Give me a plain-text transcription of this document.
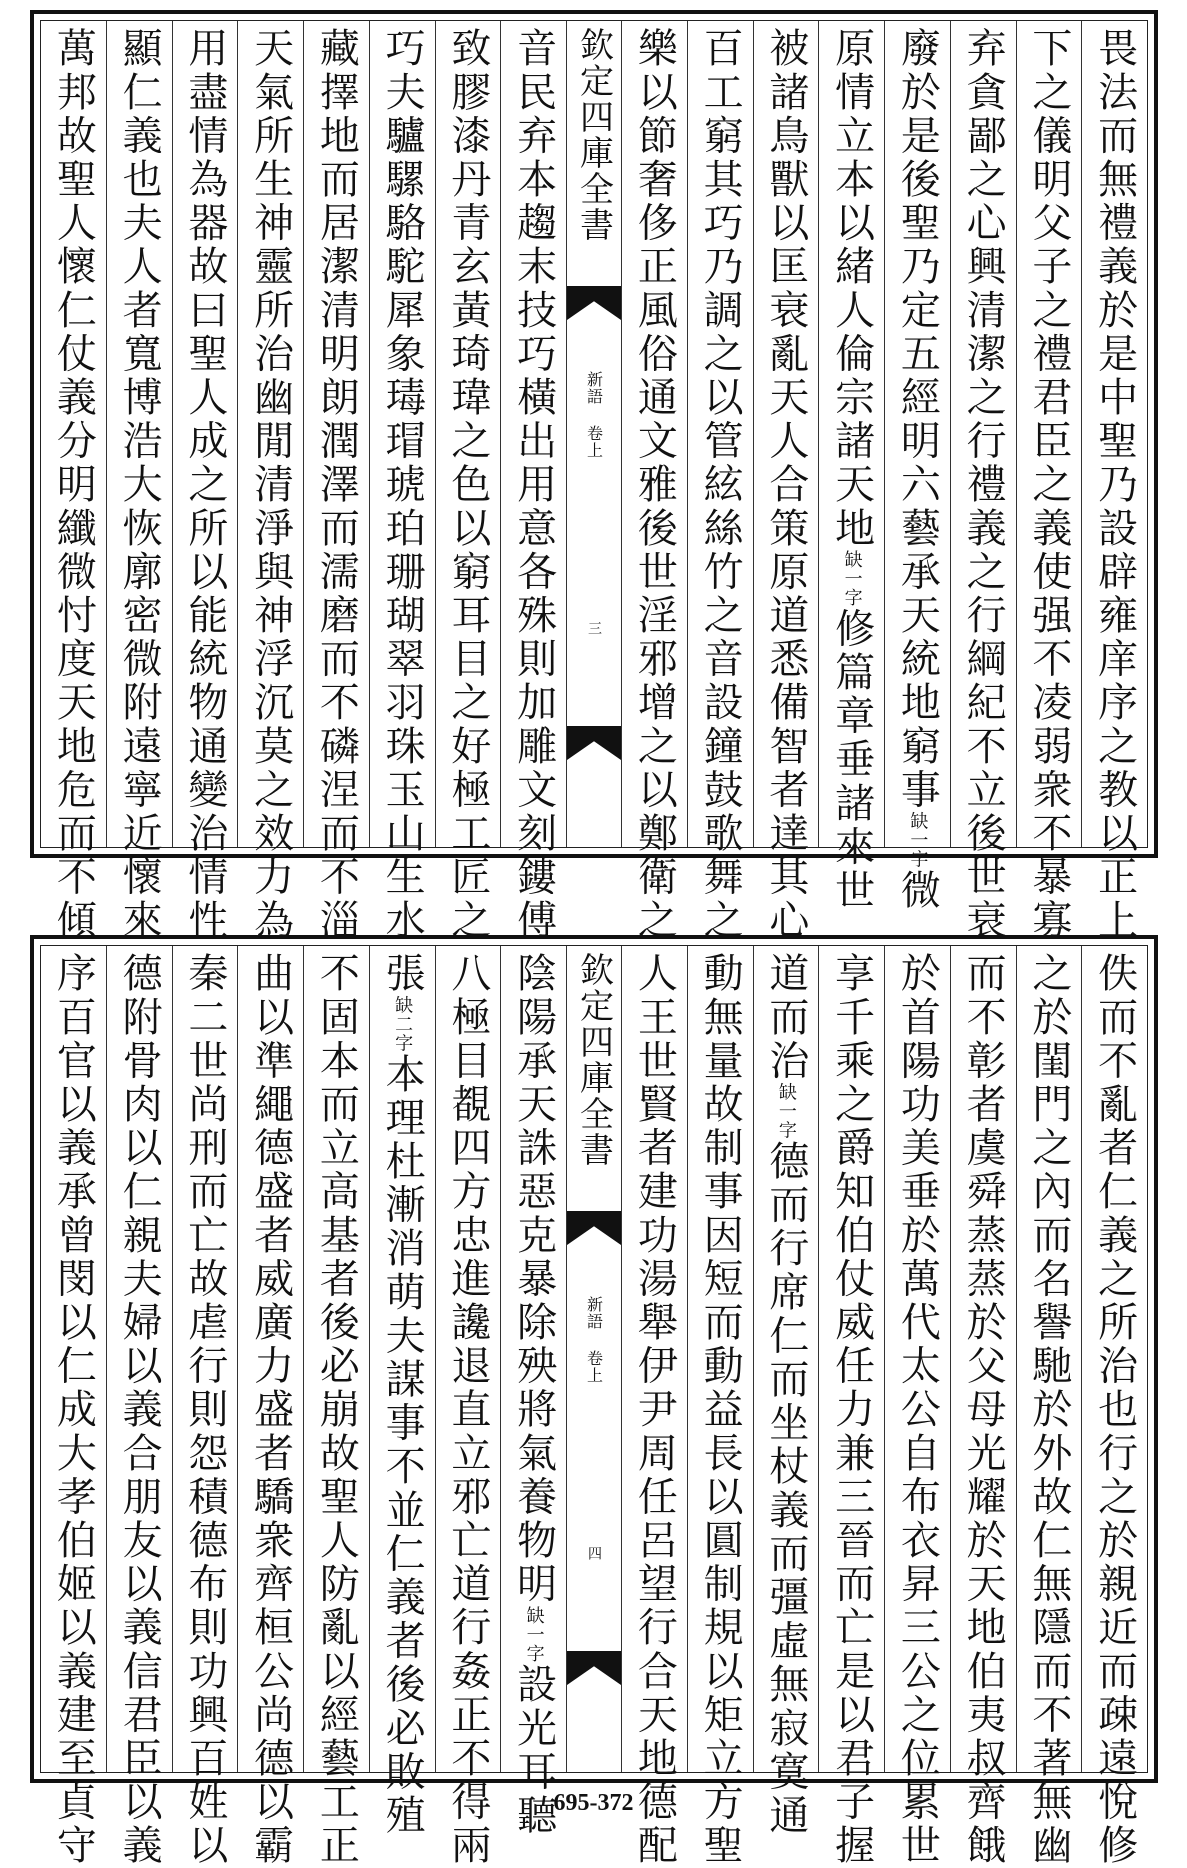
畏法而無禮義於是中聖乃設辟雍庠序之教以正上
下之儀明父子之禮君臣之義使强不凌弱衆不暴寡
弃貪鄙之心興清潔之行禮義之行綱紀不立後世衰
廢於是後聖乃定五經明六藝承天統地窮事缺一字微
原情立本以緒人倫宗諸天地缺一字修篇章垂諸來世
被諸鳥獸以匡衰亂天人合策原道悉備智者達其心
百工窮其巧乃調之以管絃絲竹之音設鐘鼓歌舞之
樂以節奢侈正風俗通文雅後世淫邪增之以鄭衛之
欽定四庫全書
新語 卷上
三
音民弃本趨末技巧橫出用意各殊則加雕文刻鏤傅
致膠漆丹青玄黃琦瑋之色以窮耳目之好極工匠之
巧夫驢騾駱駝犀象瑇瑁琥珀珊瑚翠羽珠玉山生水
藏擇地而居潔清明朗潤澤而濡磨而不磷涅而不淄
天氣所生神靈所治幽閒清淨與神浮沉莫之效力為
用盡情為器故曰聖人成之所以能統物通變治情性
顯仁義也夫人者寬博浩大恢廓密微附遠寧近懷來
萬邦故聖人懷仁仗義分明纖微忖度天地危而不傾
佚而不亂者仁義之所治也行之於親近而疎遠悅修
之於閨門之內而名譽馳於外故仁無隱而不著無幽
而不彰者虞舜蒸蒸於父母光耀於天地伯夷叔齊餓
於首陽功美垂於萬代太公自布衣昇三公之位累世
享千乘之爵知伯仗威任力兼三晉而亡是以君子握
道而治缺一字德而行席仁而坐杖義而彊虛無寂寞通
動無量故制事因短而動益長以圓制規以矩立方聖
人王世賢者建功湯舉伊尹周任呂望行合天地德配
欽定四庫全書
新語 卷上
四
陰陽承天誅惡克暴除殃將氣養物明缺一字設光耳聽
八極目覩四方忠進讒退直立邪亡道行姦正不得兩
張缺二字本理杜漸消萌夫謀事不並仁義者後必敗殖
不固本而立高基者後必崩故聖人防亂以經藝工正
曲以準繩德盛者威廣力盛者驕衆齊桓公尚德以霸
秦二世尚刑而亡故虐行則怨積德布則功興百姓以
德附骨肉以仁親夫婦以義合朋友以義信君臣以義
序百官以義承曾閔以仁成大孝伯姬以義建至貞守	695-372
